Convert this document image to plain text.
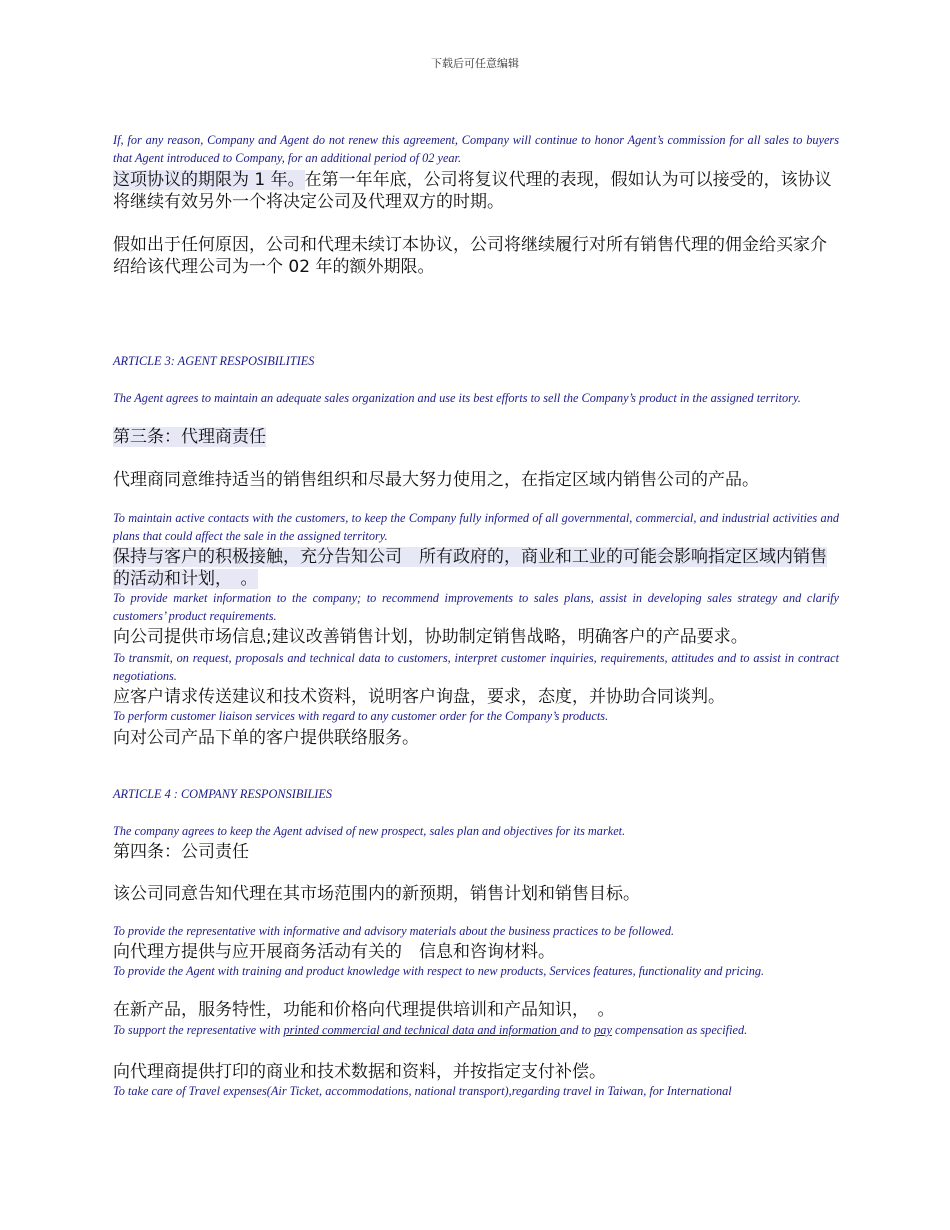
下载后可任意编辑
If, for any reason, Company and Agent do not renew this agreement, Company will continue to honor Agent’s commission for all sales to buyers that Agent introduced to Company, for an additional period of 02 year.
这项协议的期限为 1 年。在第一年年底，公司将复议代理的表现，假如认为可以接受的，该协议将继续有效另外一个将决定公司及代理双方的时期。
假如出于任何原因，公司和代理未续订本协议，公司将继续履行对所有销售代理的佣金给买家介绍给该代理公司为一个 02 年的额外期限。
ARTICLE 3: AGENT RESPOSIBILITIES
The Agent agrees to maintain an adequate sales organization and use its best efforts to sell the Company’s product in the assigned territory.
第三条：代理商责任
代理商同意维持适当的销售组织和尽最大努力使用之，在指定区域内销售公司的产品。
To maintain active contacts with the customers, to keep the Company fully informed of all governmental, commercial, and industrial activities and plans that could affect the sale in the assigned territory.
保持与客户的积极接触，充分告知公司　所有政府的，商业和工业的可能会影响指定区域内销售的活动和计划，　。
To provide market information to the company; to recommend improvements to sales plans, assist in developing sales strategy and clarify customers’ product requirements.
向公司提供市场信息;建议改善销售计划，协助制定销售战略，明确客户的产品要求。
To transmit, on request, proposals and technical data to customers, interpret customer inquiries, requirements, attitudes and to assist in contract negotiations.
应客户请求传送建议和技术资料，说明客户询盘，要求，态度，并协助合同谈判。
To perform customer liaison services with regard to any customer order for the Company’s products.
向对公司产品下单的客户提供联络服务。
ARTICLE 4 : COMPANY RESPONSIBILIES
The company agrees to keep the Agent advised of new prospect, sales plan and objectives for its market.
第四条：公司责任
该公司同意告知代理在其市场范围内的新预期，销售计划和销售目标。
To provide the representative with informative and advisory materials about the business practices to be followed.
向代理方提供与应开展商务活动有关的　信息和咨询材料。
To provide the Agent with training and product knowledge with respect to new products, Services features, functionality and pricing.
在新产品，服务特性，功能和价格向代理提供培训和产品知识，　。
To support the representative with printed commercial and technical data and information and to pay compensation as specified.
向代理商提供打印的商业和技术数据和资料，并按指定支付补偿。
To take care of Travel expenses(Air Ticket, accommodations, national transport),regarding travel in Taiwan, for International
